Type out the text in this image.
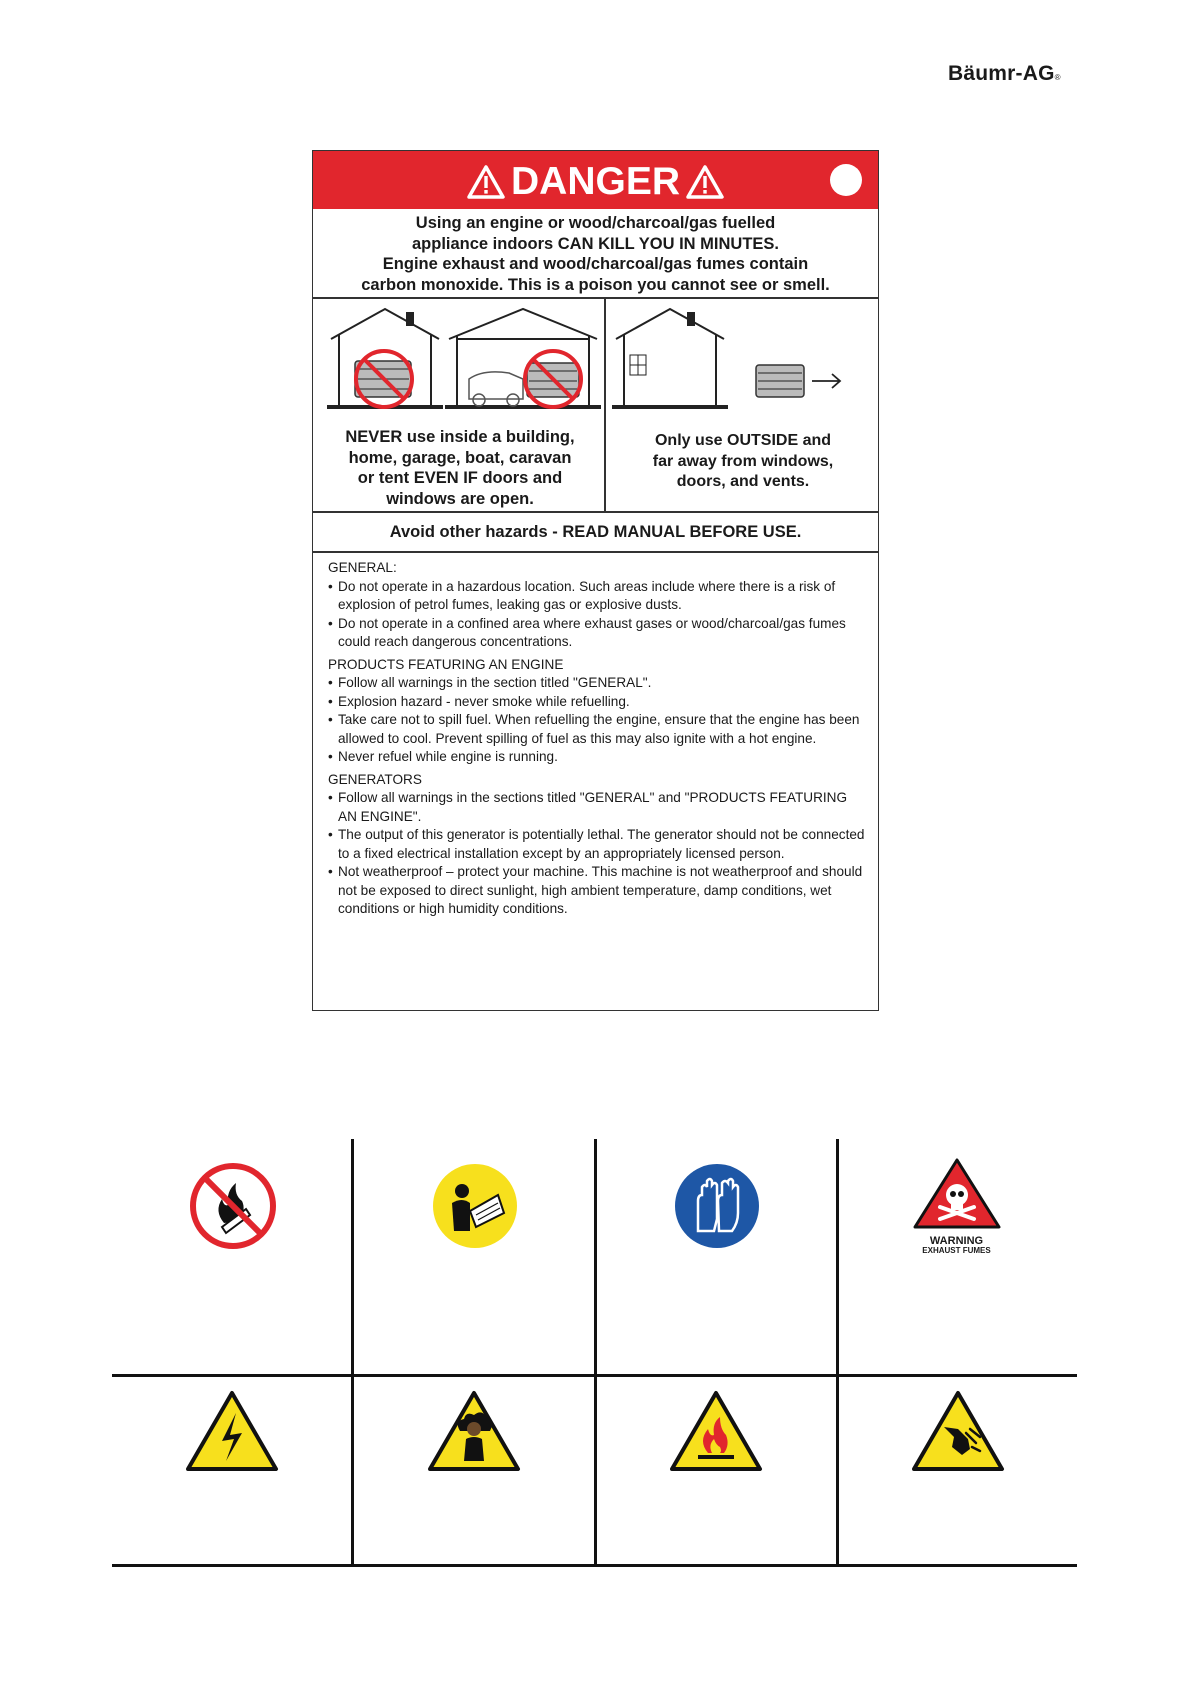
Bäumr-AG®
DANGER
Using an engine or wood/charcoal/gas fuelled
appliance indoors CAN KILL YOU IN MINUTES.
Engine exhaust and wood/charcoal/gas fumes contain
carbon monoxide. This is a poison you cannot see or smell.
NEVER use inside a building,
home, garage, boat, caravan
or tent EVEN IF doors and
windows are open.
Only use OUTSIDE and
far away from windows,
doors, and vents.
Avoid other hazards - READ MANUAL BEFORE USE.

GENERAL:

• Do not operate in a hazardous location. Such areas include where there is a risk of explosion of petrol fumes, leaking gas or explosive dusts.

• Do not operate in a confined area where exhaust gases or wood/charcoal/gas fumes could reach dangerous concentrations.

PRODUCTS FEATURING AN ENGINE

• Follow all warnings in the section titled "GENERAL".

• Explosion hazard - never smoke while refuelling.

• Take care not to spill fuel. When refuelling the engine, ensure that the engine has been allowed to cool. Prevent spilling of fuel as this may also ignite with a hot engine.

• Never refuel while engine is running.

GENERATORS

• Follow all warnings in the sections titled "GENERAL" and "PRODUCTS FEATURING AN ENGINE".

• The output of this generator is potentially lethal. The generator should not be connected to a fixed electrical installation except by an appropriately licensed person.

• Not weatherproof – protect your machine. This machine is not weatherproof and should not be exposed to direct sunlight, high ambient temperature, damp conditions, wet conditions or high humidity conditions.

WARNING
EXHAUST FUMES
